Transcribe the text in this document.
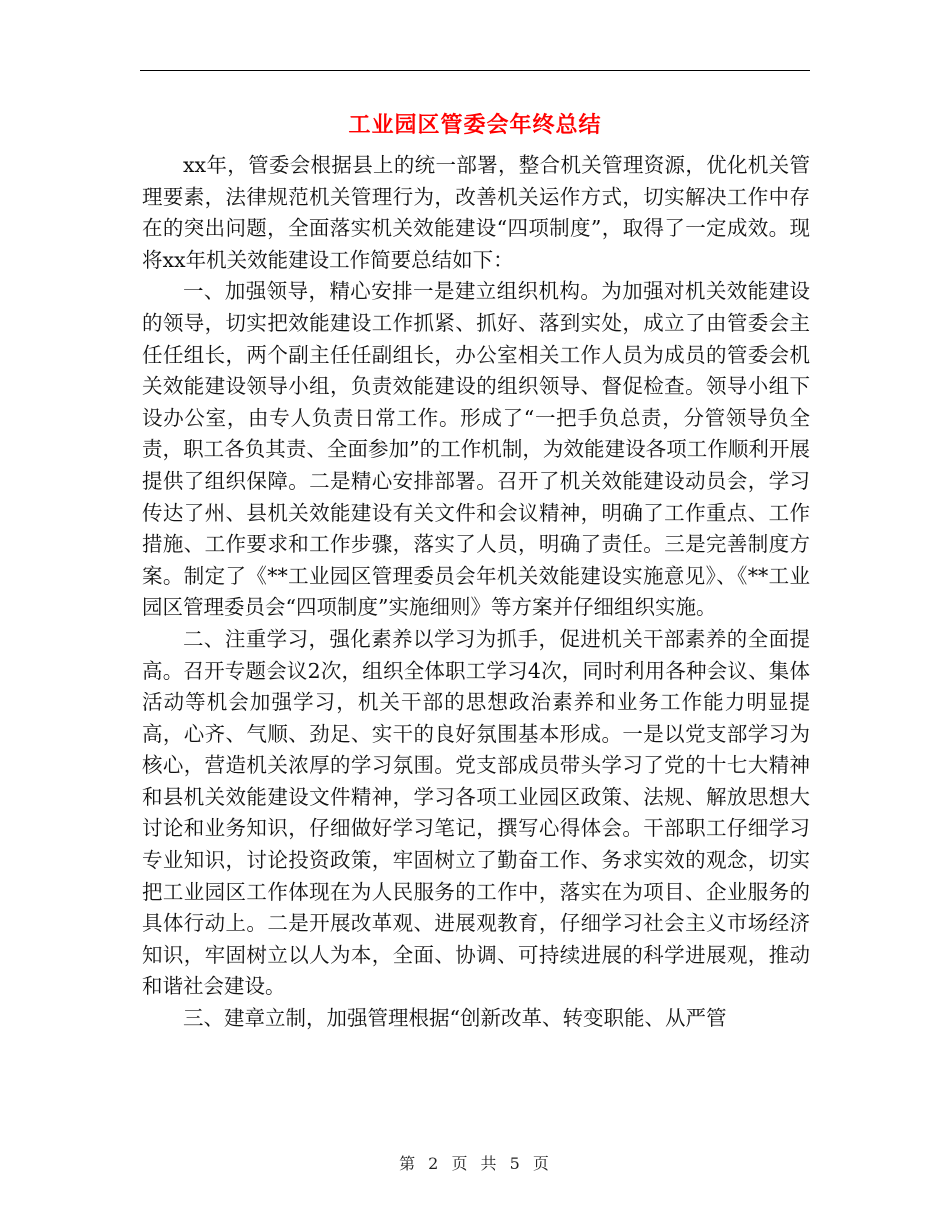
工业园区管委会年终总结

xx年，管委会根据县上的统一部署，整合机关管理资源，优化机关管理要素，法律规范机关管理行为，改善机关运作方式，切实解决工作中存在的突出问题，全面落实机关效能建设“四项制度”，取得了一定成效。现将xx年机关效能建设工作简要总结如下：

一、加强领导，精心安排一是建立组织机构。为加强对机关效能建设的领导，切实把效能建设工作抓紧、抓好、落到实处，成立了由管委会主任任组长，两个副主任任副组长，办公室相关工作人员为成员的管委会机关效能建设领导小组，负责效能建设的组织领导、督促检查。领导小组下设办公室，由专人负责日常工作。形成了“一把手负总责，分管领导负全责，职工各负其责、全面参加”的工作机制，为效能建设各项工作顺利开展提供了组织保障。二是精心安排部署。召开了机关效能建设动员会，学习传达了州、县机关效能建设有关文件和会议精神，明确了工作重点、工作措施、工作要求和工作步骤，落实了人员，明确了责任。三是完善制度方案。制定了《**工业园区管理委员会年机关效能建设实施意见》、《**工业园区管理委员会“四项制度”实施细则》等方案并仔细组织实施。

二、注重学习，强化素养以学习为抓手，促进机关干部素养的全面提高。召开专题会议2次，组织全体职工学习4次，同时利用各种会议、集体活动等机会加强学习，机关干部的思想政治素养和业务工作能力明显提高，心齐、气顺、劲足、实干的良好氛围基本形成。一是以党支部学习为核心，营造机关浓厚的学习氛围。党支部成员带头学习了党的十七大精神和县机关效能建设文件精神，学习各项工业园区政策、法规、解放思想大讨论和业务知识，仔细做好学习笔记，撰写心得体会。干部职工仔细学习专业知识，讨论投资政策，牢固树立了勤奋工作、务求实效的观念，切实把工业园区工作体现在为人民服务的工作中，落实在为项目、企业服务的具体行动上。二是开展改革观、进展观教育，仔细学习社会主义市场经济知识，牢固树立以人为本，全面、协调、可持续进展的科学进展观，推动和谐社会建设。

三、建章立制，加强管理根据“创新改革、转变职能、从严管

第 2 页 共 5 页
